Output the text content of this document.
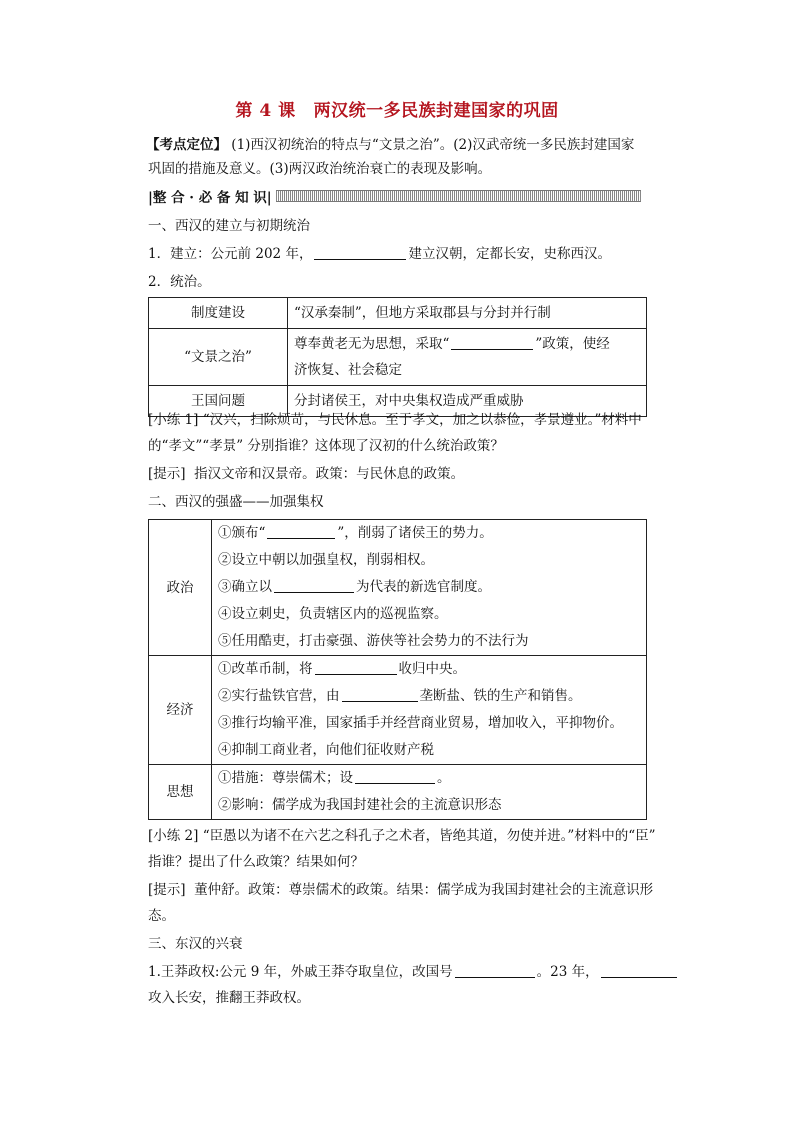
第 4 课 两汉统一多民族封建国家的巩固
【考点定位】 (1)西汉初统治的特点与“文景之治”。(2)汉武帝统一多民族封建国家
巩固的措施及意义。(3)两汉政治统治衰亡的表现及影响。
|整 合 · 必 备 知 识|
一、西汉的建立与初期统治
1．建立：公元前 202 年，	建立汉朝，定都长安，史称西汉。
2．统治。
制度建设	“汉承秦制”，但地方采取郡县与分封并行制
“文景之治”	尊奉黄老无为思想，采取“ ”政策，使经
济恢复、社会稳定
王国问题	分封诸侯王，对中央集权造成严重威胁
[小练 1] “汉兴，扫除烦苛，与民休息。至于孝文，加之以恭俭，孝景遵业。”材料中
的“孝文”“孝景” 分别指谁？这体现了汉初的什么统治政策？
[提示] 指汉文帝和汉景帝。政策：与民休息的政策。
二、西汉的强盛——加强集权
政治	①颁布“ ”，削弱了诸侯王的势力。
②设立中朝以加强皇权，削弱相权。
③确立以 为代表的新选官制度。
④设立刺史，负责辖区内的巡视监察。
⑤任用酷吏，打击豪强、游侠等社会势力的不法行为

经济	①改革币制，将 收归中央。
②实行盐铁官营，由 垄断盐、铁的生产和销售。
③推行均输平准，国家插手并经营商业贸易，增加收入，平抑物价。
④抑制工商业者，向他们征收财产税

思想	①措施：尊崇儒术；设 。
②影响：儒学成为我国封建社会的主流意识形态
[小练 2] “臣愚以为诸不在六艺之科孔子之术者，皆绝其道，勿使并进。”材料中的“臣”
指谁？提出了什么政策？结果如何？
[提示] 董仲舒。政策：尊崇儒术的政策。结果：儒学成为我国封建社会的主流意识形
态。
三、东汉的兴衰
1.王莽政权:公元 9 年，外戚王莽夺取皇位，改国号	。23 年，
攻入长安，推翻王莽政权。
